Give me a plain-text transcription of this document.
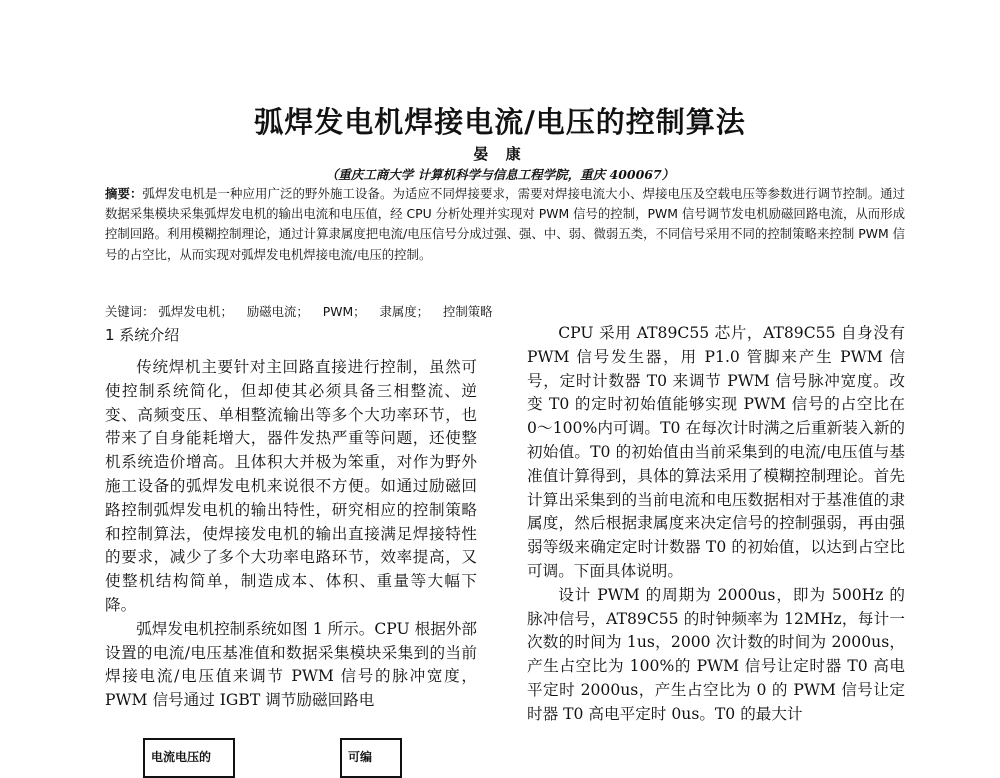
弧焊发电机焊接电流/电压的控制算法
晏 康
（重庆工商大学 计算机科学与信息工程学院，重庆 400067）
摘要：弧焊发电机是一种应用广泛的野外施工设备。为适应不同焊接要求，需要对焊接电流大小、焊接电压及空载电压等参数进行调节控制。通过数据采集模块采集弧焊发电机的输出电流和电压值，经 CPU 分析处理并实现对 PWM 信号的控制，PWM 信号调节发电机励磁回路电流，从而形成控制回路。利用模糊控制理论，通过计算隶属度把电流/电压信号分成过强、强、中、弱、微弱五类，不同信号采用不同的控制策略来控制 PWM 信号的占空比，从而实现对弧焊发电机焊接电流/电压的控制。
关键词： 弧焊发电机； 励磁电流； PWM； 隶属度； 控制策略
1 系统介绍

传统焊机主要针对主回路直接进行控制，虽然可使控制系统简化，但却使其必须具备三相整流、逆变、高频变压、单相整流输出等多个大功率环节，也带来了自身能耗增大，器件发热严重等问题，还使整机系统造价增高。且体积大并极为笨重，对作为野外施工设备的弧焊发电机来说很不方便。如通过励磁回路控制弧焊发电机的输出特性，研究相应的控制策略和控制算法，使焊接发电机的输出直接满足焊接特性的要求，减少了多个大功率电路环节，效率提高，又使整机结构简单，制造成本、体积、重量等大幅下降。

弧焊发电机控制系统如图 1 所示。CPU 根据外部设置的电流/电压基准值和数据采集模块采集到的当前焊接电流/电压值来调节 PWM 信号的脉冲宽度，PWM 信号通过 IGBT 调节励磁回路电

CPU 采用 AT89C55 芯片，AT89C55 自身没有 PWM 信号发生器，用 P1.0 管脚来产生 PWM 信号，定时计数器 T0 来调节 PWM 信号脉冲宽度。改变 T0 的定时初始值能够实现 PWM 信号的占空比在 0～100%内可调。T0 在每次计时满之后重新装入新的初始值。T0 的初始值由当前采集到的电流/电压值与基准值计算得到，具体的算法采用了模糊控制理论。首先计算出采集到的当前电流和电压数据相对于基准值的隶属度，然后根据隶属度来决定信号的控制强弱，再由强弱等级来确定定时计数器 T0 的初始值，以达到占空比可调。下面具体说明。

设计 PWM 的周期为 2000us，即为 500Hz 的脉冲信号，AT89C55 的时钟频率为 12MHz，每计一次数的时间为 1us，2000 次计数的时间为 2000us，产生占空比为 100%的 PWM 信号让定时器 T0 高电平定时 2000us，产生占空比为 0 的 PWM 信号让定时器 T0 高电平定时 0us。T0 的最大计

电流电压的	可编
